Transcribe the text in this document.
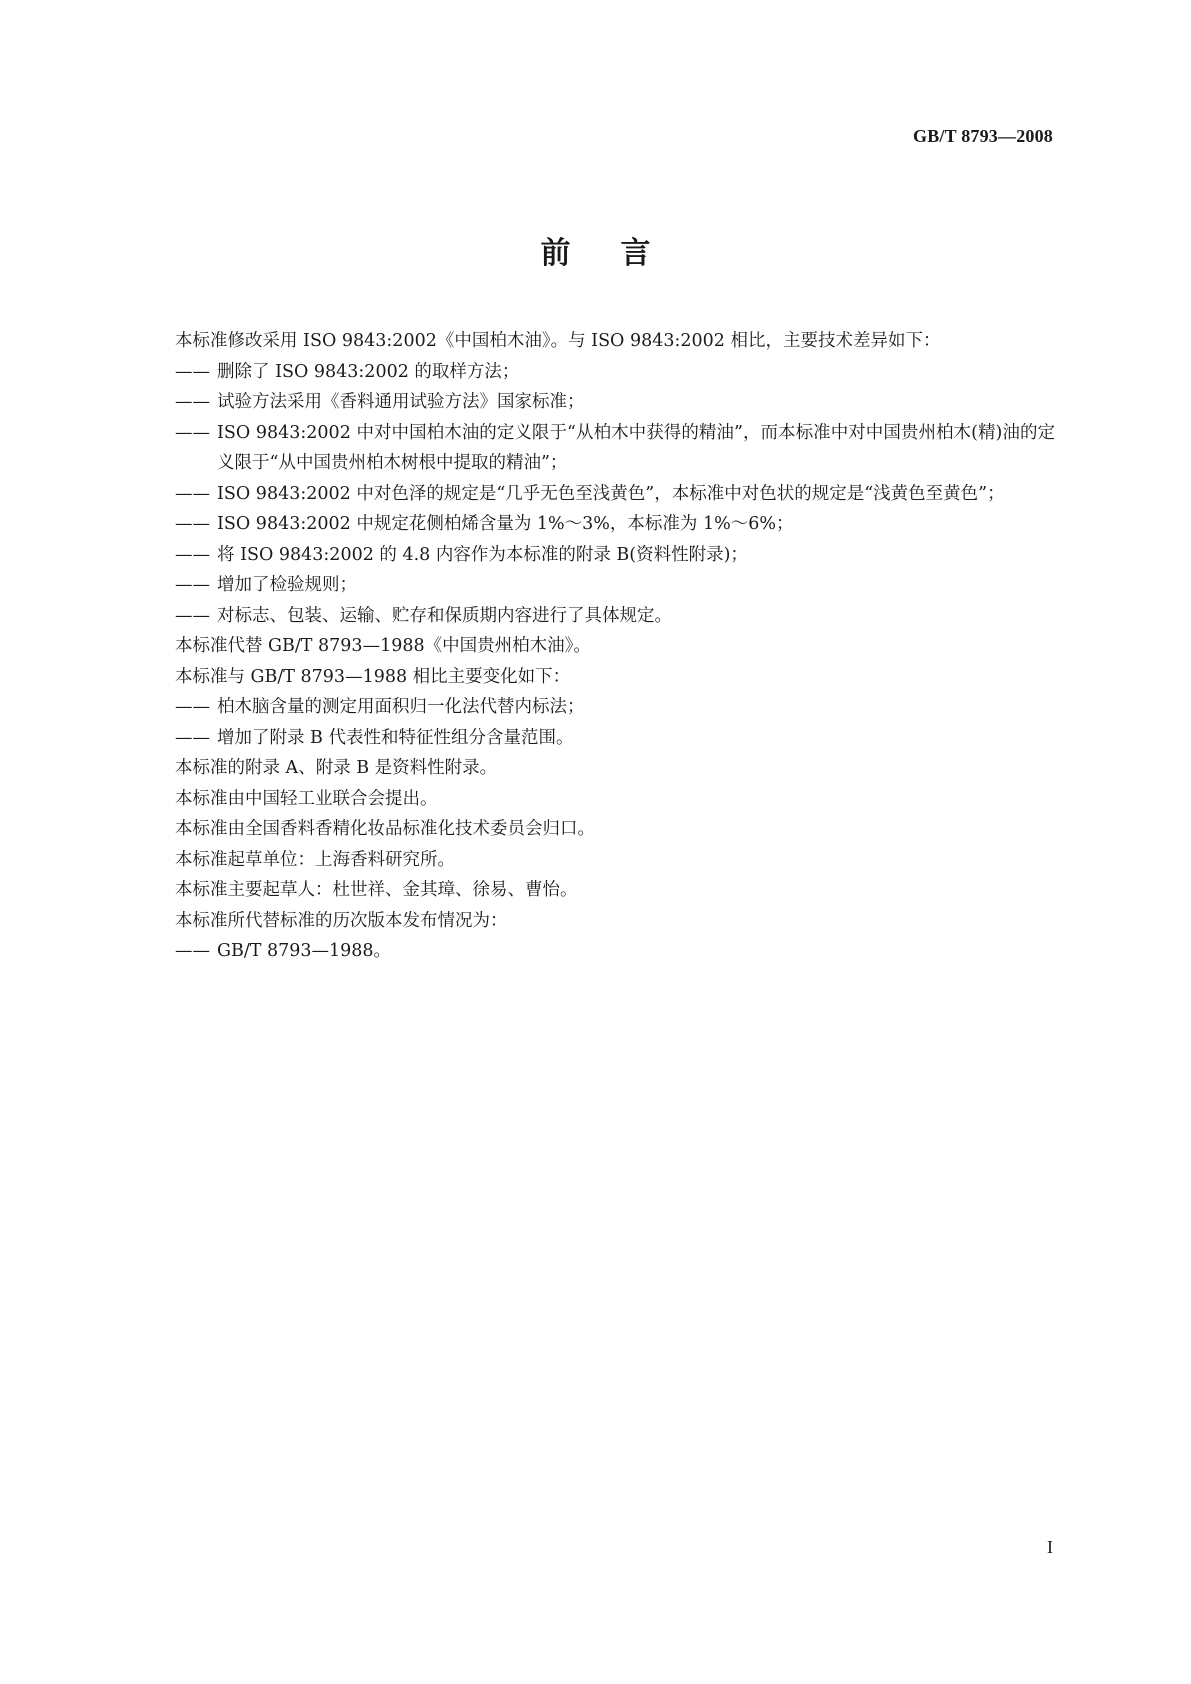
GB/T 8793—2008
前言

本标准修改采用 ISO 9843:2002《中国柏木油》。与 ISO 9843:2002 相比，主要技术差异如下：

—— 删除了 ISO 9843:2002 的取样方法；

—— 试验方法采用《香料通用试验方法》国家标准；

—— ISO 9843:2002 中对中国柏木油的定义限于“从柏木中获得的精油”，而本标准中对中国贵州柏木(精)油的定义限于“从中国贵州柏木树根中提取的精油”；

—— ISO 9843:2002 中对色泽的规定是“几乎无色至浅黄色”，本标准中对色状的规定是“浅黄色至黄色”；

—— ISO 9843:2002 中规定花侧柏烯含量为 1%～3%，本标准为 1%～6%；

—— 将 ISO 9843:2002 的 4.8 内容作为本标准的附录 B(资料性附录)；

—— 增加了检验规则；

—— 对标志、包装、运输、贮存和保质期内容进行了具体规定。

本标准代替 GB/T 8793—1988《中国贵州柏木油》。

本标准与 GB/T 8793—1988 相比主要变化如下：

—— 柏木脑含量的测定用面积归一化法代替内标法；

—— 增加了附录 B 代表性和特征性组分含量范围。

本标准的附录 A、附录 B 是资料性附录。

本标准由中国轻工业联合会提出。

本标准由全国香料香精化妆品标准化技术委员会归口。

本标准起草单位：上海香料研究所。

本标准主要起草人：杜世祥、金其璋、徐易、曹怡。

本标准所代替标准的历次版本发布情况为：

—— GB/T 8793—1988。

I
